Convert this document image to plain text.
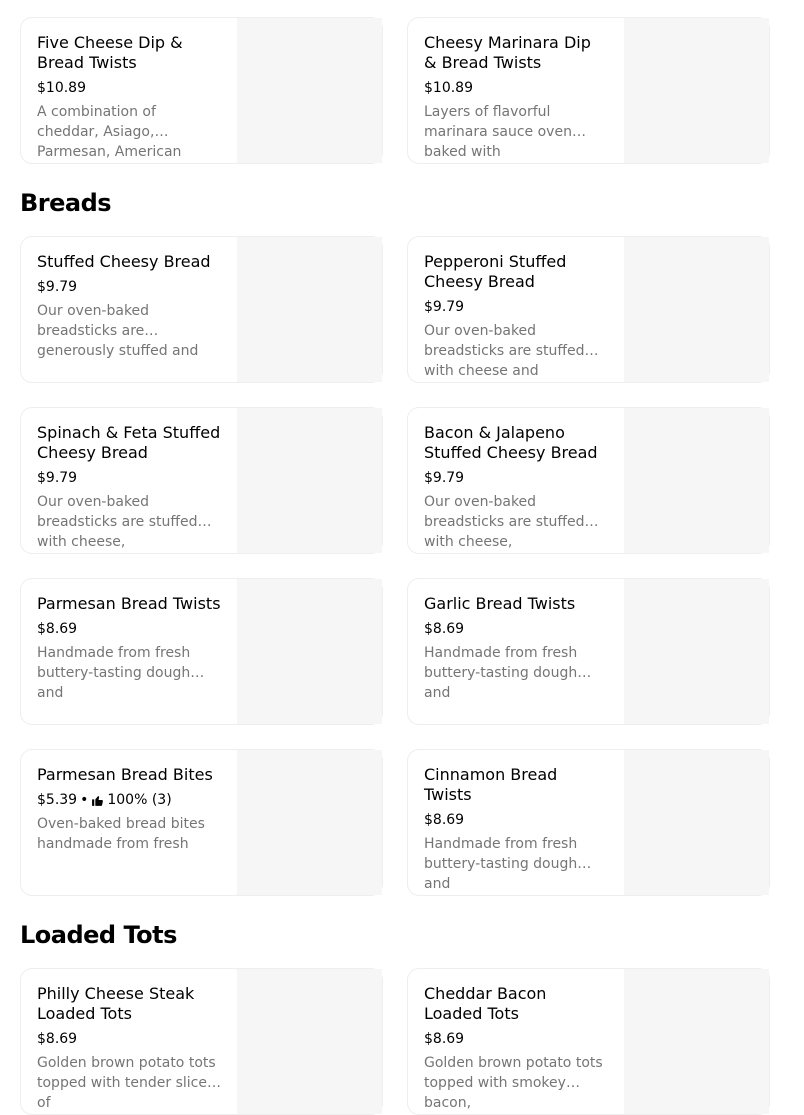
Five Cheese Dip & Bread Twists
$10.89
A combination of cheddar, Asiago, Parmesan, American
Cheesy Marinara Dip & Bread Twists
$10.89
Layers of flavorful marinara sauce oven baked with
Breads
Stuffed Cheesy Bread
$9.79
Our oven-baked breadsticks are generously stuffed and
Pepperoni Stuffed Cheesy Bread
$9.79
Our oven-baked breadsticks are stuffed with cheese and
Spinach & Feta Stuffed Cheesy Bread
$9.79
Our oven-baked breadsticks are stuffed with cheese,
Bacon & Jalapeno Stuffed Cheesy Bread
$9.79
Our oven-baked breadsticks are stuffed with cheese,
Parmesan Bread Twists
$8.69
Handmade from fresh buttery-tasting dough and
Garlic Bread Twists
$8.69
Handmade from fresh buttery-tasting dough and
Parmesan Bread Bites
$5.39 • 100% (3)
Oven-baked bread bites handmade from fresh
Cinnamon Bread Twists
$8.69
Handmade from fresh buttery-tasting dough and
Loaded Tots
Philly Cheese Steak Loaded Tots
$8.69
Golden brown potato tots topped with tender slices of
Cheddar Bacon Loaded Tots
$8.69
Golden brown potato tots topped with smokey bacon,
